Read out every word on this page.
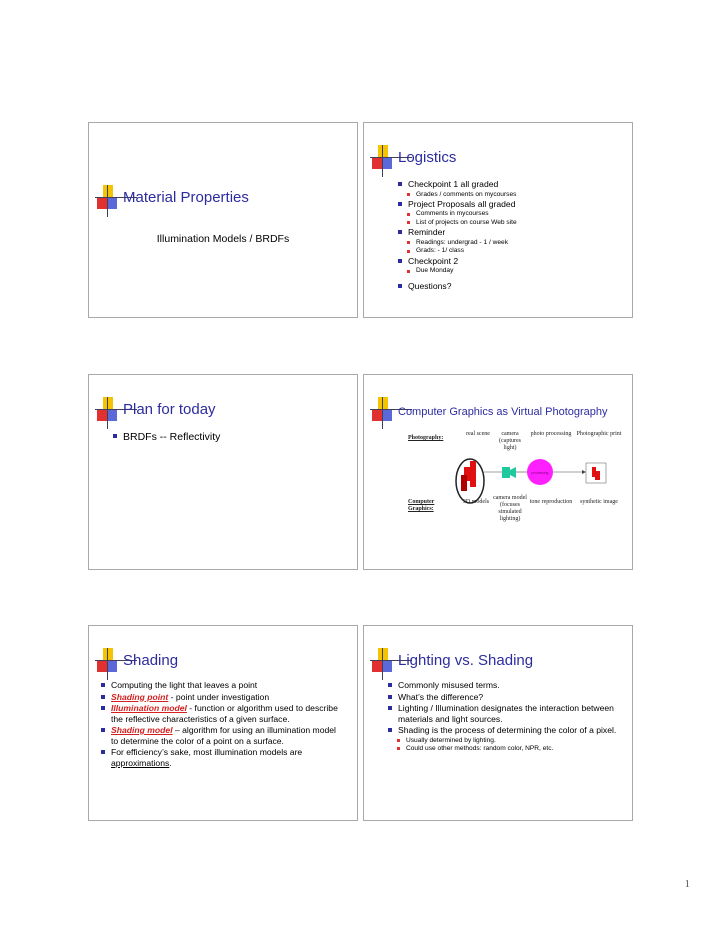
Material Properties
Illumination Models / BRDFs
Logistics
Checkpoint 1 all graded
Grades / comments on mycourses
Project Proposals all graded
Comments in mycourses
List of projects on course Web site
Reminder
Readings: undergrad - 1 / week
Grads: - 1/ class
Checkpoint 2
Due Monday
Questions?
Plan for today
BRDFs -- Reflectivity
Computer Graphics as Virtual Photography
Photography:
real scene	camera (captures light)
photo processing Photographic print
processing
Computer Graphics:
3D models
camera model (focuses simulated lighting)
tone reproduction	synthetic image
Shading
Computing the light that leaves a point
Shading point - point under investigation
Illumination model - function or algorithm used to describe the reflective characteristics of a given surface.
Shading model – algorithm for using an illumination model to determine the color of a point on a surface.
For efficiency’s sake, most illumination models are approximations.
Lighting vs. Shading
Commonly misused terms.
What’s the difference?
Lighting / Illumination designates the interaction between materials and light sources.
Shading is the process of determining the color of a pixel.
Usually determined by lighting.
Could use other methods: random color, NPR, etc.
1
